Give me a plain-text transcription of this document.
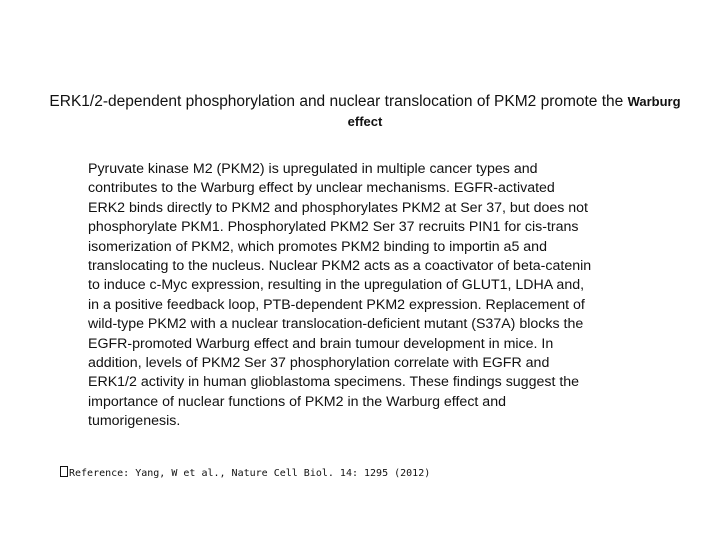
ERK1/2-dependent phosphorylation and nuclear translocation of PKM2 promote the Warburg
effect
Pyruvate kinase M2 (PKM2) is upregulated in multiple cancer types and
contributes to the Warburg effect by unclear mechanisms. EGFR-activated
ERK2 binds directly to PKM2 and phosphorylates PKM2 at Ser 37, but does not
phosphorylate PKM1. Phosphorylated PKM2 Ser 37 recruits PIN1 for cis-trans
isomerization of PKM2, which promotes PKM2 binding to importin a5 and
translocating to the nucleus. Nuclear PKM2 acts as a coactivator of beta-catenin
to induce c-Myc expression, resulting in the upregulation of GLUT1, LDHA and,
in a positive feedback loop, PTB-dependent PKM2 expression. Replacement of
wild-type PKM2 with a nuclear translocation-deficient mutant (S37A) blocks the
EGFR-promoted Warburg effect and brain tumour development in mice. In
addition, levels of PKM2 Ser 37 phosphorylation correlate with EGFR and
ERK1/2 activity in human glioblastoma specimens. These findings suggest the
importance of nuclear functions of PKM2 in the Warburg effect and
tumorigenesis.
Reference: Yang, W et al., Nature Cell Biol. 14: 1295 (2012)
